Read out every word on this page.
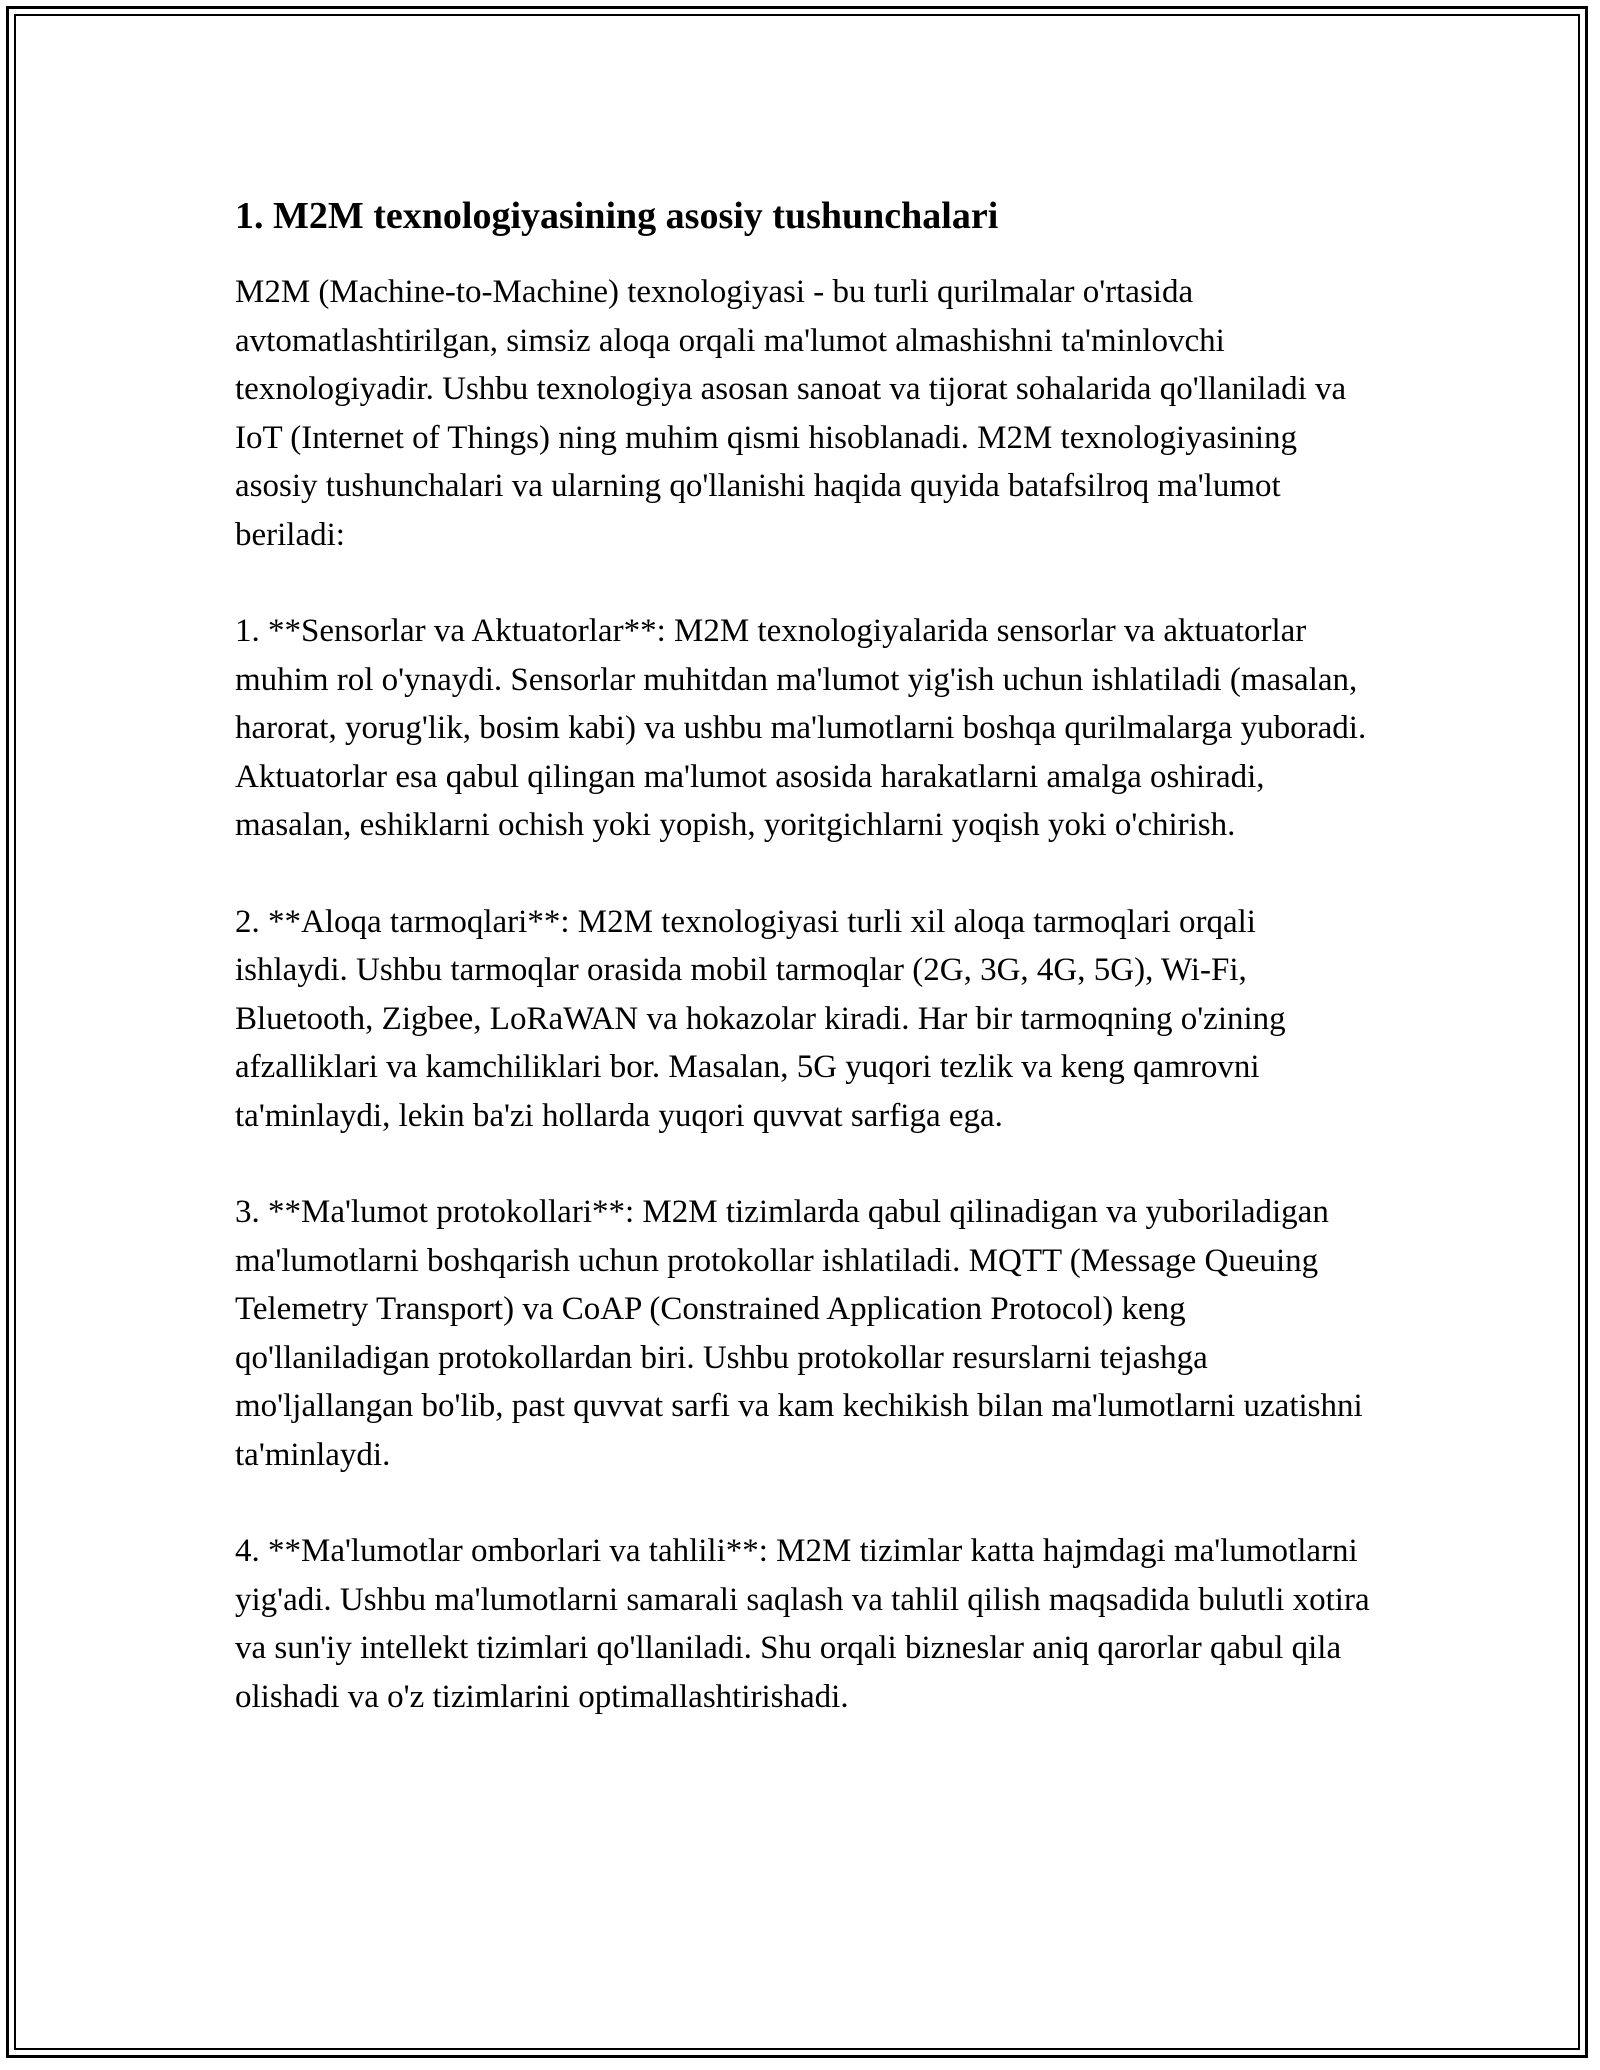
1. M2M texnologiyasining asosiy tushunchalari

M2M (Machine-to-Machine) texnologiyasi - bu turli qurilmalar o'rtasida avtomatlashtirilgan, simsiz aloqa orqali ma'lumot almashishni ta'minlovchi texnologiyadir. Ushbu texnologiya asosan sanoat va tijorat sohalarida qo'llaniladi va IoT (Internet of Things) ning muhim qismi hisoblanadi. M2M texnologiyasining asosiy tushunchalari va ularning qo'llanishi haqida quyida batafsilroq ma'lumot beriladi:

1. **Sensorlar va Aktuatorlar**: M2M texnologiyalarida sensorlar va aktuatorlar muhim rol o'ynaydi. Sensorlar muhitdan ma'lumot yig'ish uchun ishlatiladi (masalan, harorat, yorug'lik, bosim kabi) va ushbu ma'lumotlarni boshqa qurilmalarga yuboradi. Aktuatorlar esa qabul qilingan ma'lumot asosida harakatlarni amalga oshiradi, masalan, eshiklarni ochish yoki yopish, yoritgichlarni yoqish yoki o'chirish.

2. **Aloqa tarmoqlari**: M2M texnologiyasi turli xil aloqa tarmoqlari orqali ishlaydi. Ushbu tarmoqlar orasida mobil tarmoqlar (2G, 3G, 4G, 5G), Wi-Fi, Bluetooth, Zigbee, LoRaWAN va hokazolar kiradi. Har bir tarmoqning o'zining afzalliklari va kamchiliklari bor. Masalan, 5G yuqori tezlik va keng qamrovni ta'minlaydi, lekin ba'zi hollarda yuqori quvvat sarfiga ega.

3. **Ma'lumot protokollari**: M2M tizimlarda qabul qilinadigan va yuboriladigan ma'lumotlarni boshqarish uchun protokollar ishlatiladi. MQTT (Message Queuing Telemetry Transport) va CoAP (Constrained Application Protocol) keng qo'llaniladigan protokollardan biri. Ushbu protokollar resurslarni tejashga mo'ljallangan bo'lib, past quvvat sarfi va kam kechikish bilan ma'lumotlarni uzatishni ta'minlaydi.

4. **Ma'lumotlar omborlari va tahlili**: M2M tizimlar katta hajmdagi ma'lumotlarni yig'adi. Ushbu ma'lumotlarni samarali saqlash va tahlil qilish maqsadida bulutli xotira va sun'iy intellekt tizimlari qo'llaniladi. Shu orqali bizneslar aniq qarorlar qabul qila olishadi va o'z tizimlarini optimallashtirishadi.
